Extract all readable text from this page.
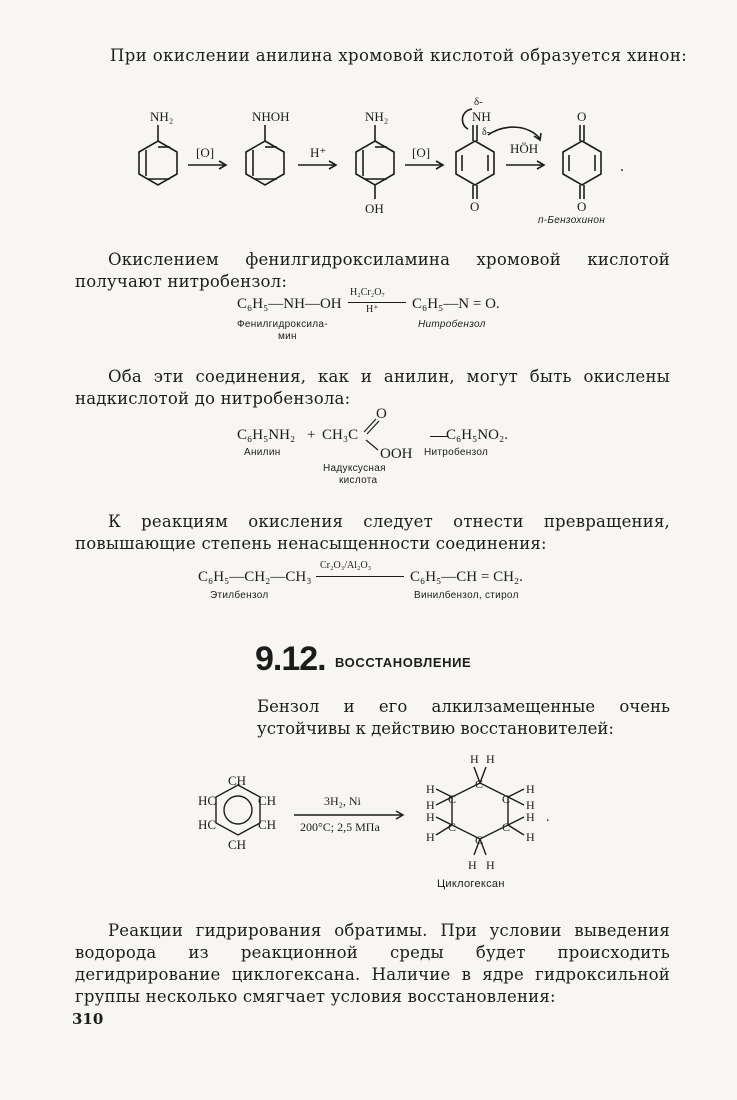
При окислении анилина хромовой кислотой образуется хинон:
NH₂
[O]
NHOH
H⁺
NH₂
OH
[O]
δ-
NH
δ-
O
HÖH
O
O
.
п-Бензохинон
Окислением фенилгидроксиламина хромовой кислотой получают нитробензол:
C₆H₅—NH—OH
H₂Cr₂O₇
H⁺ C₆H₅—N = O.
Фенилгидроксила-
мин
Нитробензол
Оба эти соединения, как и анилин, могут быть окислены надкислотой до нитробензола:
C₆H₅NH₂ + CH₃C
O
OOH
C₆H₅NO₂.
Анилин	Нитробензол
Надуксусная
кислота
К реакциям окисления следует отнести превращения, повышающие степень ненасыщенности соединения:
C₆H₅—CH₂—CH₃
Cr₂O₃/Al₂O₃
C₆H₅—CH = CH₂.
Этилбензол	Винилбензол, стирол
9.12. ВОССТАНОВЛЕНИЕ
Бензол и его алкилзамещенные очень устойчивы к действию восстановителей:
CH
HC	CH
HC	CH
CH
3H₂, Ni
200°C; 2,5 МПа
H H
C
C
C
C
C
C
H
H
H
H
H H
H
H
H
H
.
Циклогексан
Реакции гидрирования обратимы. При условии выведения водорода из реакционной среды будет происходить дегидрирование циклогексана. Наличие в ядре гидроксильной группы несколько смягчает условия восстановления:
310
